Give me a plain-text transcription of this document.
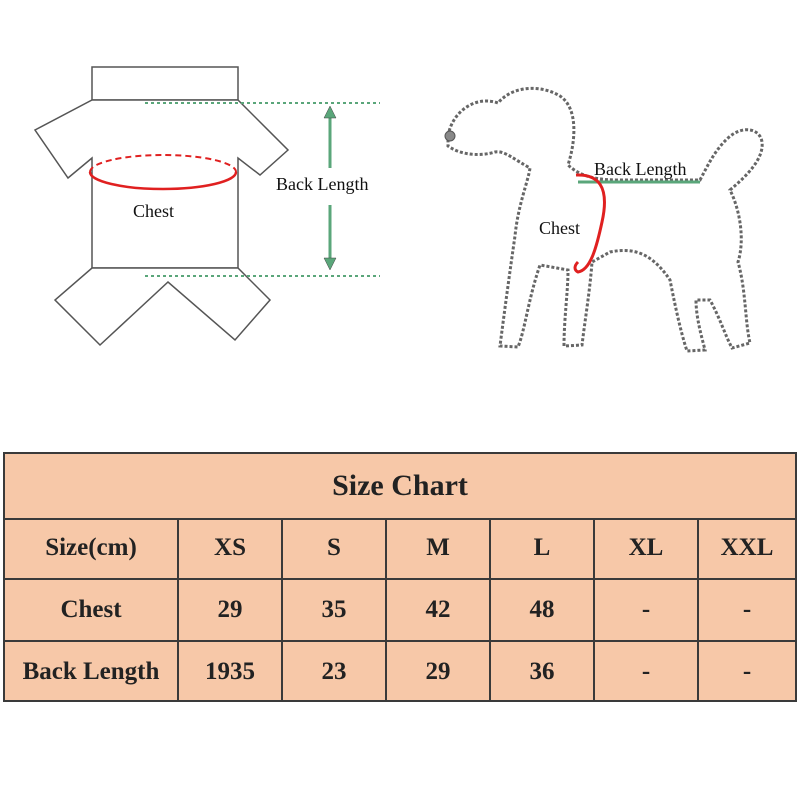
Chest
Back Length
Back Length
Chest
Size Chart
Size(cm)	XS	S	M	L	XL	XXL
Chest	29	35	42	48	-	-
Back Length	1935	23	29	36	-	-
